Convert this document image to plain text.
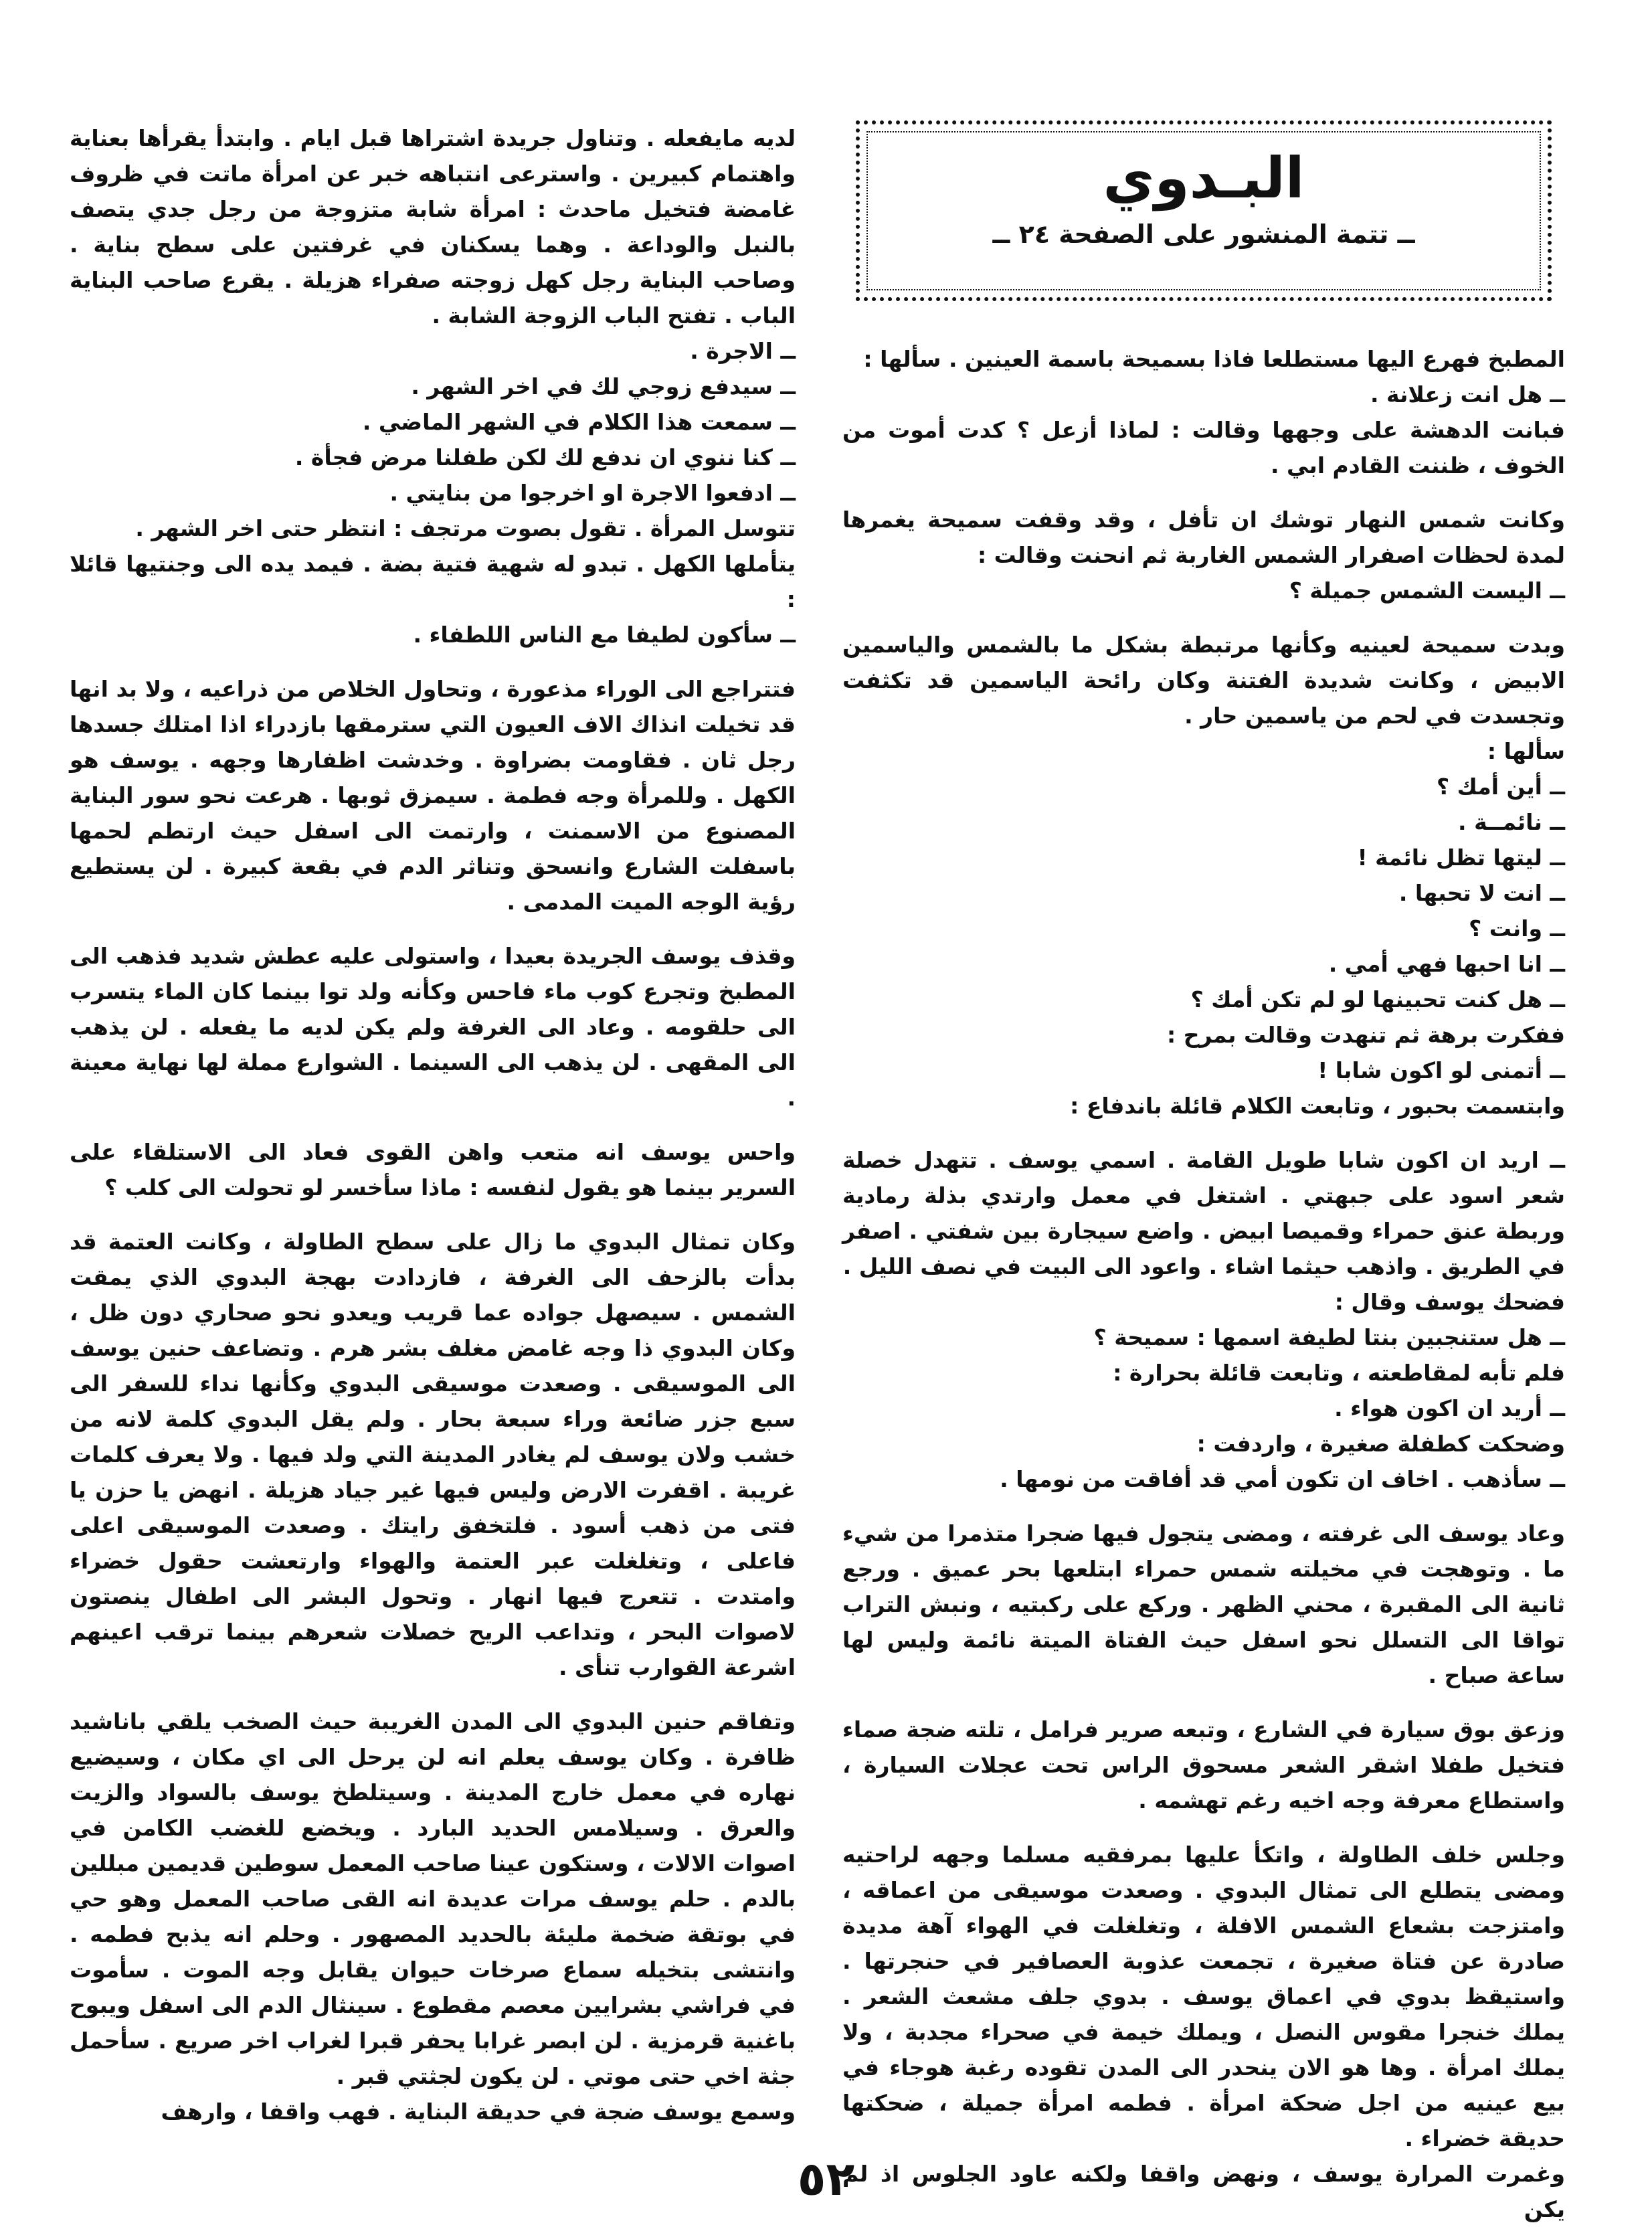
البـدوي
ــ تتمة المنشور على الصفحة ٢٤ ــ

المطبخ فهرع اليها مستطلعا فاذا بسميحة باسمة العينين . سألها :

ــ هل انت زعلانة .

فبانت الدهشة على وجهها وقالت : لماذا أزعل ؟ كدت أموت من الخوف ، ظننت القادم ابي .

وكانت شمس النهار توشك ان تأفل ، وقد وقفت سميحة يغمرها لمدة لحظات اصفرار الشمس الغاربة ثم انحنت وقالت :

ــ اليست الشمس جميلة ؟

وبدت سميحة لعينيه وكأنها مرتبطة بشكل ما بالشمس والياسمين الابيض ، وكانت شديدة الفتنة وكان رائحة الياسمين قد تكثفت وتجسدت في لحم من ياسمين حار .

سألها :

ــ أين أمك ؟

ــ نائمــة .

ــ ليتها تظل نائمة !

ــ انت لا تحبها .

ــ وانت ؟

ــ انا احبها فهي أمي .

ــ هل كنت تحبينها لو لم تكن أمك ؟

ففكرت برهة ثم تنهدت وقالت بمرح :

ــ أتمنى لو اكون شابا !

وابتسمت بحبور ، وتابعت الكلام قائلة باندفاع :

ــ اريد ان اكون شابا طويل القامة . اسمي يوسف . تتهدل خصلة شعر اسود على جبهتي . اشتغل في معمل وارتدي بذلة رمادية وربطة عنق حمراء وقميصا ابيض . واضع سيجارة بين شفتي . اصفر في الطريق . واذهب حيثما اشاء . واعود الى البيت في نصف الليل .

فضحك يوسف وقال :

ــ هل ستنجبين بنتا لطيفة اسمها : سميحة ؟

فلم تأبه لمقاطعته ، وتابعت قائلة بحرارة :

ــ أريد ان اكون هواء .

وضحكت كطفلة صغيرة ، واردفت :

ــ سأذهب . اخاف ان تكون أمي قد أفاقت من نومها .

وعاد يوسف الى غرفته ، ومضى يتجول فيها ضجرا متذمرا من شيء ما . وتوهجت في مخيلته شمس حمراء ابتلعها بحر عميق . ورجع ثانية الى المقبرة ، محني الظهر . وركع على ركبتيه ، ونبش التراب تواقا الى التسلل نحو اسفل حيث الفتاة الميتة نائمة وليس لها ساعة صباح .

وزعق بوق سيارة في الشارع ، وتبعه صرير فرامل ، تلته ضجة صماء فتخيل طفلا اشقر الشعر مسحوق الراس تحت عجلات السيارة ، واستطاع معرفة وجه اخيه رغم تهشمه .

وجلس خلف الطاولة ، واتكأ عليها بمرفقيه مسلما وجهه لراحتيه ومضى يتطلع الى تمثال البدوي . وصعدت موسيقى من اعماقه ، وامتزجت بشعاع الشمس الافلة ، وتغلغلت في الهواء آهة مديدة صادرة عن فتاة صغيرة ، تجمعت عذوبة العصافير في حنجرتها . واستيقظ بدوي في اعماق يوسف . بدوي جلف مشعث الشعر . يملك خنجرا مقوس النصل ، ويملك خيمة في صحراء مجدبة ، ولا يملك امرأة . وها هو الان ينحدر الى المدن تقوده رغبة هوجاء في بيع عينيه من اجل ضحكة امرأة . فطمه امرأة جميلة ، ضحكتها حديقة خضراء .

وغمرت المرارة يوسف ، ونهض واقفا ولكنه عاود الجلوس اذ لم يكن

لديه مايفعله . وتناول جريدة اشتراها قبل ايام . وابتدأ يقرأها بعناية واهتمام كبيرين . واسترعى انتباهه خبر عن امرأة ماتت في ظروف غامضة فتخيل ماحدث : امرأة شابة متزوجة من رجل جدي يتصف بالنبل والوداعة . وهما يسكنان في غرفتين على سطح بناية . وصاحب البناية رجل كهل زوجته صفراء هزيلة . يقرع صاحب البناية الباب . تفتح الباب الزوجة الشابة .

ــ الاجرة .

ــ سيدفع زوجي لك في اخر الشهر .

ــ سمعت هذا الكلام في الشهر الماضي .

ــ كنا ننوي ان ندفع لك لكن طفلنا مرض فجأة .

ــ ادفعوا الاجرة او اخرجوا من بنايتي .

تتوسل المرأة . تقول بصوت مرتجف : انتظر حتى اخر الشهر .

يتأملها الكهل . تبدو له شهية فتية بضة . فيمد يده الى وجنتيها قائلا :

ــ سأكون لطيفا مع الناس اللطفاء .

فتتراجع الى الوراء مذعورة ، وتحاول الخلاص من ذراعيه ، ولا بد انها قد تخيلت انذاك الاف العيون التي سترمقها بازدراء اذا امتلك جسدها رجل ثان . فقاومت بضراوة . وخدشت اظفارها وجهه . يوسف هو الكهل . وللمرأة وجه فطمة . سيمزق ثوبها . هرعت نحو سور البناية المصنوع من الاسمنت ، وارتمت الى اسفل حيث ارتطم لحمها باسفلت الشارع وانسحق وتناثر الدم في بقعة كبيرة . لن يستطيع رؤية الوجه الميت المدمى .

وقذف يوسف الجريدة بعيدا ، واستولى عليه عطش شديد فذهب الى المطبخ وتجرع كوب ماء فاحس وكأنه ولد توا بينما كان الماء يتسرب الى حلقومه . وعاد الى الغرفة ولم يكن لديه ما يفعله . لن يذهب الى المقهى . لن يذهب الى السينما . الشوارع مملة لها نهاية معينة .

واحس يوسف انه متعب واهن القوى فعاد الى الاستلقاء على السرير بينما هو يقول لنفسه : ماذا سأخسر لو تحولت الى كلب ؟

وكان تمثال البدوي ما زال على سطح الطاولة ، وكانت العتمة قد بدأت بالزحف الى الغرفة ، فازدادت بهجة البدوي الذي يمقت الشمس . سيصهل جواده عما قريب ويعدو نحو صحاري دون ظل ، وكان البدوي ذا وجه غامض مغلف بشر هرم . وتضاعف حنين يوسف الى الموسيقى . وصعدت موسيقى البدوي وكأنها نداء للسفر الى سبع جزر ضائعة وراء سبعة بحار . ولم يقل البدوي كلمة لانه من خشب ولان يوسف لم يغادر المدينة التي ولد فيها . ولا يعرف كلمات غريبة . اقفرت الارض وليس فيها غير جياد هزيلة . انهض يا حزن يا فتى من ذهب أسود . فلتخفق رايتك . وصعدت الموسيقى اعلى فاعلى ، وتغلغلت عبر العتمة والهواء وارتعشت حقول خضراء وامتدت . تتعرج فيها انهار . وتحول البشر الى اطفال ينصتون لاصوات البحر ، وتداعب الريح خصلات شعرهم بينما ترقب اعينهم اشرعة القوارب تنأى .

وتفاقم حنين البدوي الى المدن الغريبة حيث الصخب يلقي باناشيد ظافرة . وكان يوسف يعلم انه لن يرحل الى اي مكان ، وسيضيع نهاره في معمل خارج المدينة . وسيتلطخ يوسف بالسواد والزيت والعرق . وسيلامس الحديد البارد . ويخضع للغضب الكامن في اصوات الالات ، وستكون عينا صاحب المعمل سوطين قديمين مبللين بالدم . حلم يوسف مرات عديدة انه القى صاحب المعمل وهو حي في بوتقة ضخمة مليئة بالحديد المصهور . وحلم انه يذبح فطمه . وانتشى بتخيله سماع صرخات حيوان يقابل وجه الموت . سأموت في فراشي بشرايين معصم مقطوع . سينثال الدم الى اسفل ويبوح باغنية قرمزية . لن ابصر غرابا يحفر قبرا لغراب اخر صريع . سأحمل جثة اخي حتى موتي . لن يكون لجثتي قبر .

وسمع يوسف ضجة في حديقة البناية . فهب واقفا ، وارهف

٥٢
